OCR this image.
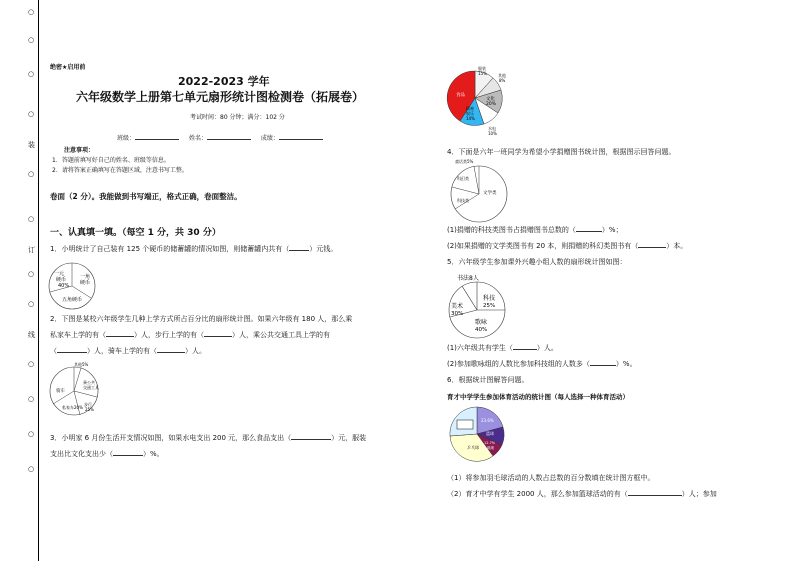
○
○
○
○
装
○
○
订
○
○
线
○
○
○
○
绝密★启用前
2022-2023 学年
六年级数学上册第七单元扇形统计图检测卷（拓展卷）
考试时间：80 分钟；满分：102 分
班级：	姓名：	成绩：
注意事项：
1．答题前填写好自己的姓名、班级等信息。
2．请将答案正确填写在答题区域，注意书写工整。
卷面（2 分）。我能做到书写端正，格式正确，卷面整洁。
一、认真填一填。（每空 1 分，共 30 分）
1．小明统计了自己装有 125 个硬币的储蓄罐的情况如图，则储蓄罐内共有（	）元钱。
一元
硬币
40%
一角
硬币
五角硬币
2．下图是某校六年级学生几种上学方式所占百分比的扇形统计图。如果六年级有 180 人，那么乘
私家车上学的有（	）人，步行上学的有（	）人，乘公共交通工具上学的有
（	）人，骑车上学的有（	）人。
其他5%
骑车
乘公共
交通工具
私家车20%
步行
25%
3．小明家 6 月份生活开支情况如图，如果水电支出 200 元，那么食品支出（	）元，服装
支出比文化支出少（	）%。
服装
15%	其他
8%
文化
20%
水电
10%
精神
娱乐
14%
食品
4．下面是六年一班同学为希望小学捐赠图书统计图，根据图示回答问题。
童话类5%
科幻类
科技类
文学类
(1)捐赠的科技类图书占捐赠图书总数的（	）%；
(2)如果捐赠的文学类图书有 20 本，则捐赠的科幻类图书有（	）本。
5．六年级学生参加课外兴趣小组人数的扇形统计图如图：
书法8人
科技
25%
美术
30%
歌咏
40%
(1)六年级共有学生（	）人。
(2)参加歌咏组的人数比参加科技组的人数多（	）%。
6．根据统计图解答问题。
育才中学学生参加体育活动的统计图（每人选择一种体育活动）
23.6%
篮球
12.7%
跳绳
乒乓球
（1）将参加羽毛球活动的人数占总数的百分数填在统计图方框中。
（2）育才中学有学生 2000 人，那么参加篮球活动的有（	）人；参加
